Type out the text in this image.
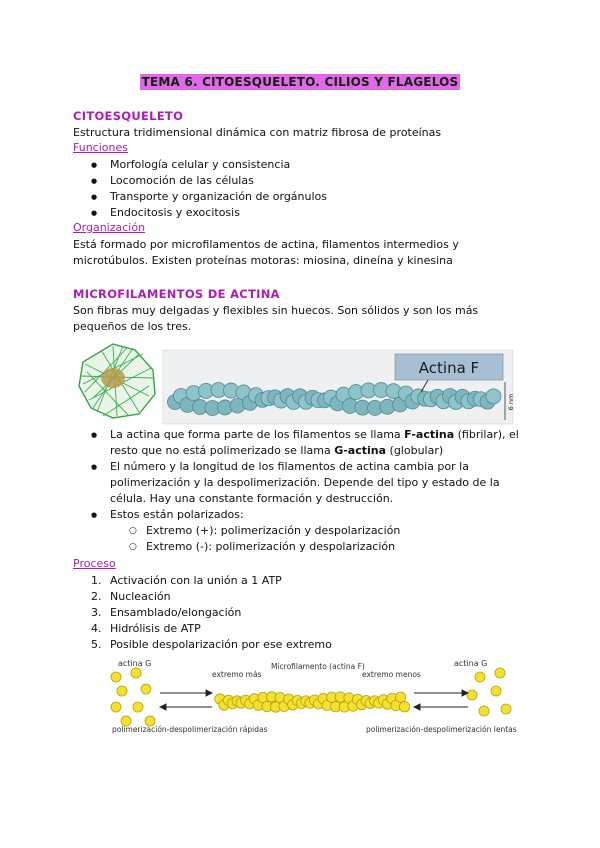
TEMA 6. CITOESQUELETO. CILIOS Y FLAGELOS
CITOESQUELETO
Estructura tridimensional dinámica con matriz fibrosa de proteínas
Funciones
● Morfología celular y consistencia
● Locomoción de las células
● Transporte y organización de orgánulos
● Endocitosis y exocitosis
Organización
Está formado por microfilamentos de actina, filamentos intermedios y microtúbulos. Existen proteínas motoras: miosina, dineína y kinesina
MICROFILAMENTOS DE ACTINA
Son fibras muy delgadas y flexibles sin huecos. Son sólidos y son los más pequeños de los tres.
Actina F
6 nm
● La actina que forma parte de los filamentos se llama F-actina (fibrilar), el resto que no está polimerizado se llama G-actina (globular)
● El número y la longitud de los filamentos de actina cambia por la polimerización y la despolimerización. Depende del tipo y estado de la célula. Hay una constante formación y destrucción.
● Estos están polarizados:
○ Extremo (+): polimerización y despolarización
○ Extremo (-): polimerización y despolarización
Proceso
1. Activación con la unión a 1 ATP
2. Nucleación
3. Ensamblado/elongación
4. Hidrólisis de ATP
5. Posible despolarización por ese extremo
actina G	actina G
extremo más	extremo menos
Microfilamento (actina F)
polimerización-despolimerización rápidas	polimerización-despolimerización lentas
